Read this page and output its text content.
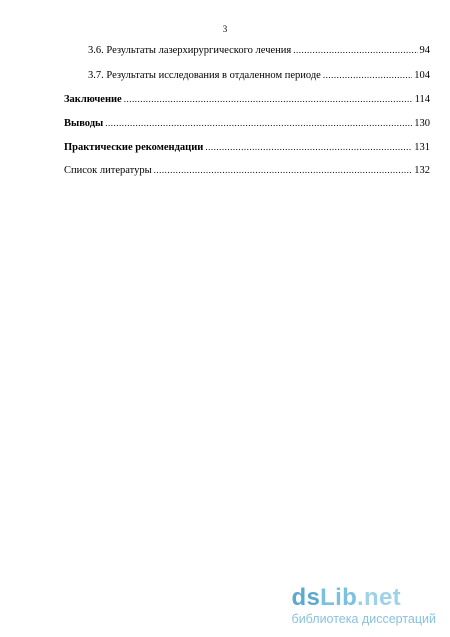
3
3.6. Результаты лазерхирургического лечения .....	94
3.7. Результаты исследования в отдаленном периоде .....	104
Заключение .....	114
Выводы .....	130
Практические рекомендации .....	131
Список литературы .....	132
dsLib.net
библиотека диссертаций
